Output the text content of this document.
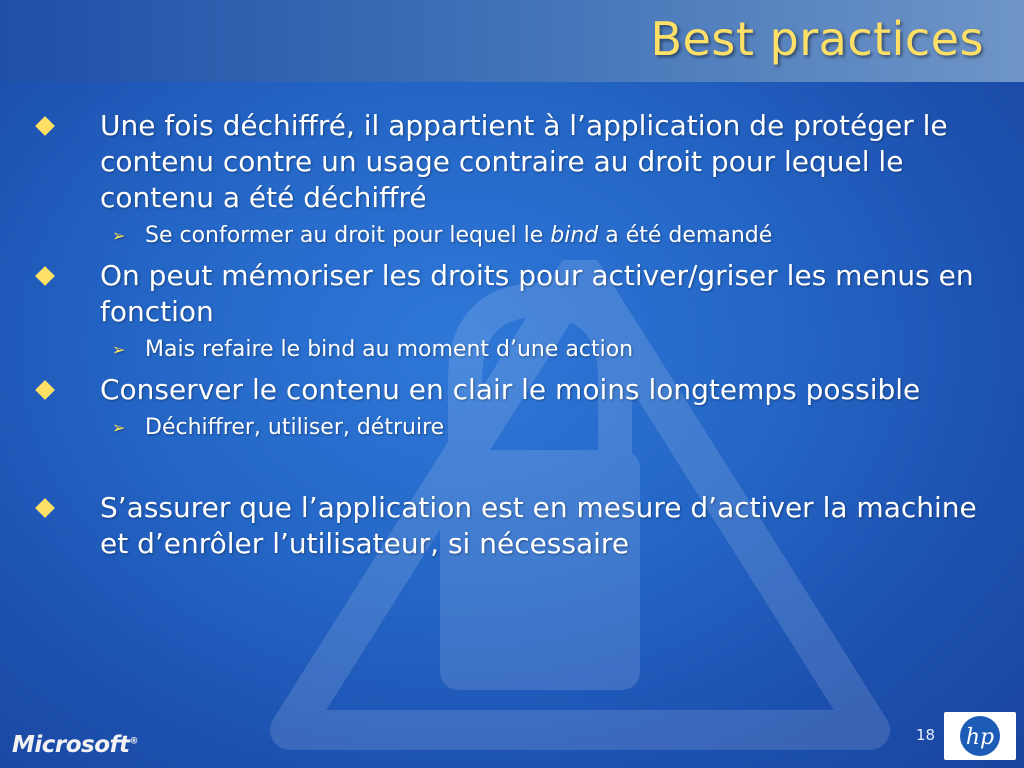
Best practices
Une fois déchiffré, il appartient à l’application de protéger le contenu contre un usage contraire au droit pour lequel le contenu a été déchiffré
➢ Se conformer au droit pour lequel le bind a été demandé
On peut mémoriser les droits pour activer/griser les menus en fonction
➢ Mais refaire le bind au moment d’une action
Conserver le contenu en clair le moins longtemps possible
➢ Déchiffrer, utiliser, détruire
S’assurer que l’application est en mesure d’activer la machine et d’enrôler l’utilisateur, si nécessaire
Microsoft®	18 hp
